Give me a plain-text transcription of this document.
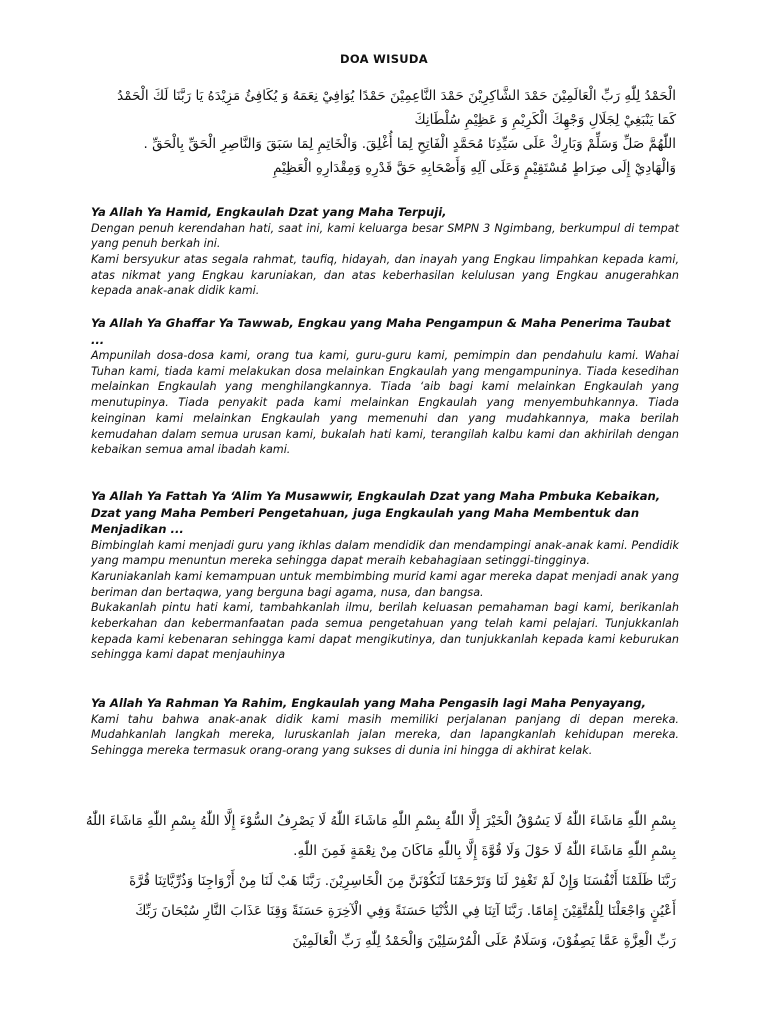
DOA WISUDA
الْحَمْدُ لِلّٰهِ رَبِّ الْعَالَمِيْنَ حَمْدَ الشَّاكِرِيْنَ حَمْدَ النَّاعِمِيْنَ حَمْدًا يُوَافِيْ نِعَمَهُ وَ يُكَافِئُ مَزِيْدَهُ يَا رَبَّنَا لَكَ الْحَمْدُ
كَمَا يَنْبَغِيْ لِجَلَالِ وَجْهِكَ الْكَرِيْمِ وَ عَظِيْمِ سُلْطَانِكَ
اللّٰهُمَّ صَلِّ وَسَلِّمْ وَبَارِكْ عَلَى سَيِّدِنَا مُحَمَّدٍ الْفَاتِحِ لِمَا أُغْلِقَ. وَالْخَاتِمِ لِمَا سَبَقَ وَالنَّاصِرِ الْحَقِّ بِالْحَقِّ .
وَالْهَادِيْ إِلَى صِرَاطٍ مُسْتَقِيْمٍ وَعَلَى آلِهِ وَأَصْحَابِهِ حَقَّ قَدْرِهِ وَمِقْدَارِهِ الْعَظِيْمِ

Ya Allah Ya Hamid, Engkaulah Dzat yang Maha Terpuji,

Dengan penuh kerendahan hati, saat ini, kami keluarga besar SMPN 3 Ngimbang, berkumpul di tempat yang penuh berkah ini.

Kami bersyukur atas segala rahmat, taufiq, hidayah, dan inayah yang Engkau limpahkan kepada kami, atas nikmat yang Engkau karuniakan, dan atas keberhasilan kelulusan yang Engkau anugerahkan kepada anak-anak didik kami.

Ya Allah Ya Ghaffar Ya Tawwab, Engkau yang Maha Pengampun & Maha Penerima Taubat ...

Ampunilah dosa-dosa kami, orang tua kami, guru-guru kami, pemimpin dan pendahulu kami. Wahai Tuhan kami, tiada kami melakukan dosa melainkan Engkaulah yang mengampuninya. Tiada kesedihan melainkan Engkaulah yang menghilangkannya. Tiada ‘aib bagi kami melainkan Engkaulah yang menutupinya. Tiada penyakit pada kami melainkan Engkaulah yang menyembuhkannya. Tiada keinginan kami melainkan Engkaulah yang memenuhi dan yang mudahkannya, maka berilah kemudahan dalam semua urusan kami, bukalah hati kami, terangilah kalbu kami dan akhirilah dengan kebaikan semua amal ibadah kami.

Ya Allah Ya Fattah Ya ‘Alim Ya Musawwir, Engkaulah Dzat yang Maha Pmbuka Kebaikan, Dzat yang Maha Pemberi Pengetahuan, juga Engkaulah yang Maha Membentuk dan Menjadikan ...

Bimbinglah kami menjadi guru yang ikhlas dalam mendidik dan mendampingi anak-anak kami. Pendidik yang mampu menuntun mereka sehingga dapat meraih kebahagiaan setinggi-tingginya.

Karuniakanlah kami kemampuan untuk membimbing murid kami agar mereka dapat menjadi anak yang beriman dan bertaqwa, yang berguna bagi agama, nusa, dan bangsa.

Bukakanlah pintu hati kami, tambahkanlah ilmu, berilah keluasan pemahaman bagi kami, berikanlah keberkahan dan kebermanfaatan pada semua pengetahuan yang telah kami pelajari. Tunjukkanlah kepada kami kebenaran sehingga kami dapat mengikutinya, dan tunjukkanlah kepada kami keburukan sehingga kami dapat menjauhinya

Ya Allah Ya Rahman Ya Rahim, Engkaulah yang Maha Pengasih lagi Maha Penyayang,

Kami tahu bahwa anak-anak didik kami masih memiliki perjalanan panjang di depan mereka. Mudahkanlah langkah mereka, luruskanlah jalan mereka, dan lapangkanlah kehidupan mereka. Sehingga mereka termasuk orang-orang yang sukses di dunia ini hingga di akhirat kelak.

بِسْمِ اللّٰهِ مَاشَاءَ اللّٰهُ لَا يَسُوْقُ الْخَيْرَ إِلَّا اللّٰهُ بِسْمِ اللّٰهِ مَاشَاءَ اللّٰهُ لَا يَصْرِفُ السُّوْءَ إِلَّا اللّٰهُ بِسْمِ اللّٰهِ مَاشَاءَ اللّٰهُ
بِسْمِ اللّٰهِ مَاشَاءَ اللّٰهُ لَا حَوْلَ وَلَا قُوَّةَ إِلَّا بِاللّٰهِ مَاكَانَ مِنْ نِعْمَةٍ فَمِنَ اللّٰهِ.
رَبَّنَا ظَلَمْنَا أَنْفُسَنَا وَإِنْ لَمْ تَغْفِرْ لَنَا وَتَرْحَمْنَا لَنَكُوْنَنَّ مِنَ الْخَاسِرِيْنَ. رَبَّنَا هَبْ لَنَا مِنْ أَزْوَاجِنَا وَذُرِّيَّاتِنَا قُرَّةَ
أَعْيُنٍ وَاجْعَلْنَا لِلْمُتَّقِيْنَ إِمَامًا. رَبَّنَا آتِنَا فِي الدُّنْيَا حَسَنَةً وَفِي الْآخِرَةِ حَسَنَةً وَقِنَا عَذَابَ النَّارِ سُبْحَانَ رَبِّكَ
رَبِّ الْعِزَّةِ عَمَّا يَصِفُوْنَ، وَسَلَامٌ عَلَى الْمُرْسَلِيْنَ وَالْحَمْدُ لِلّٰهِ رَبِّ الْعَالَمِيْنَ
